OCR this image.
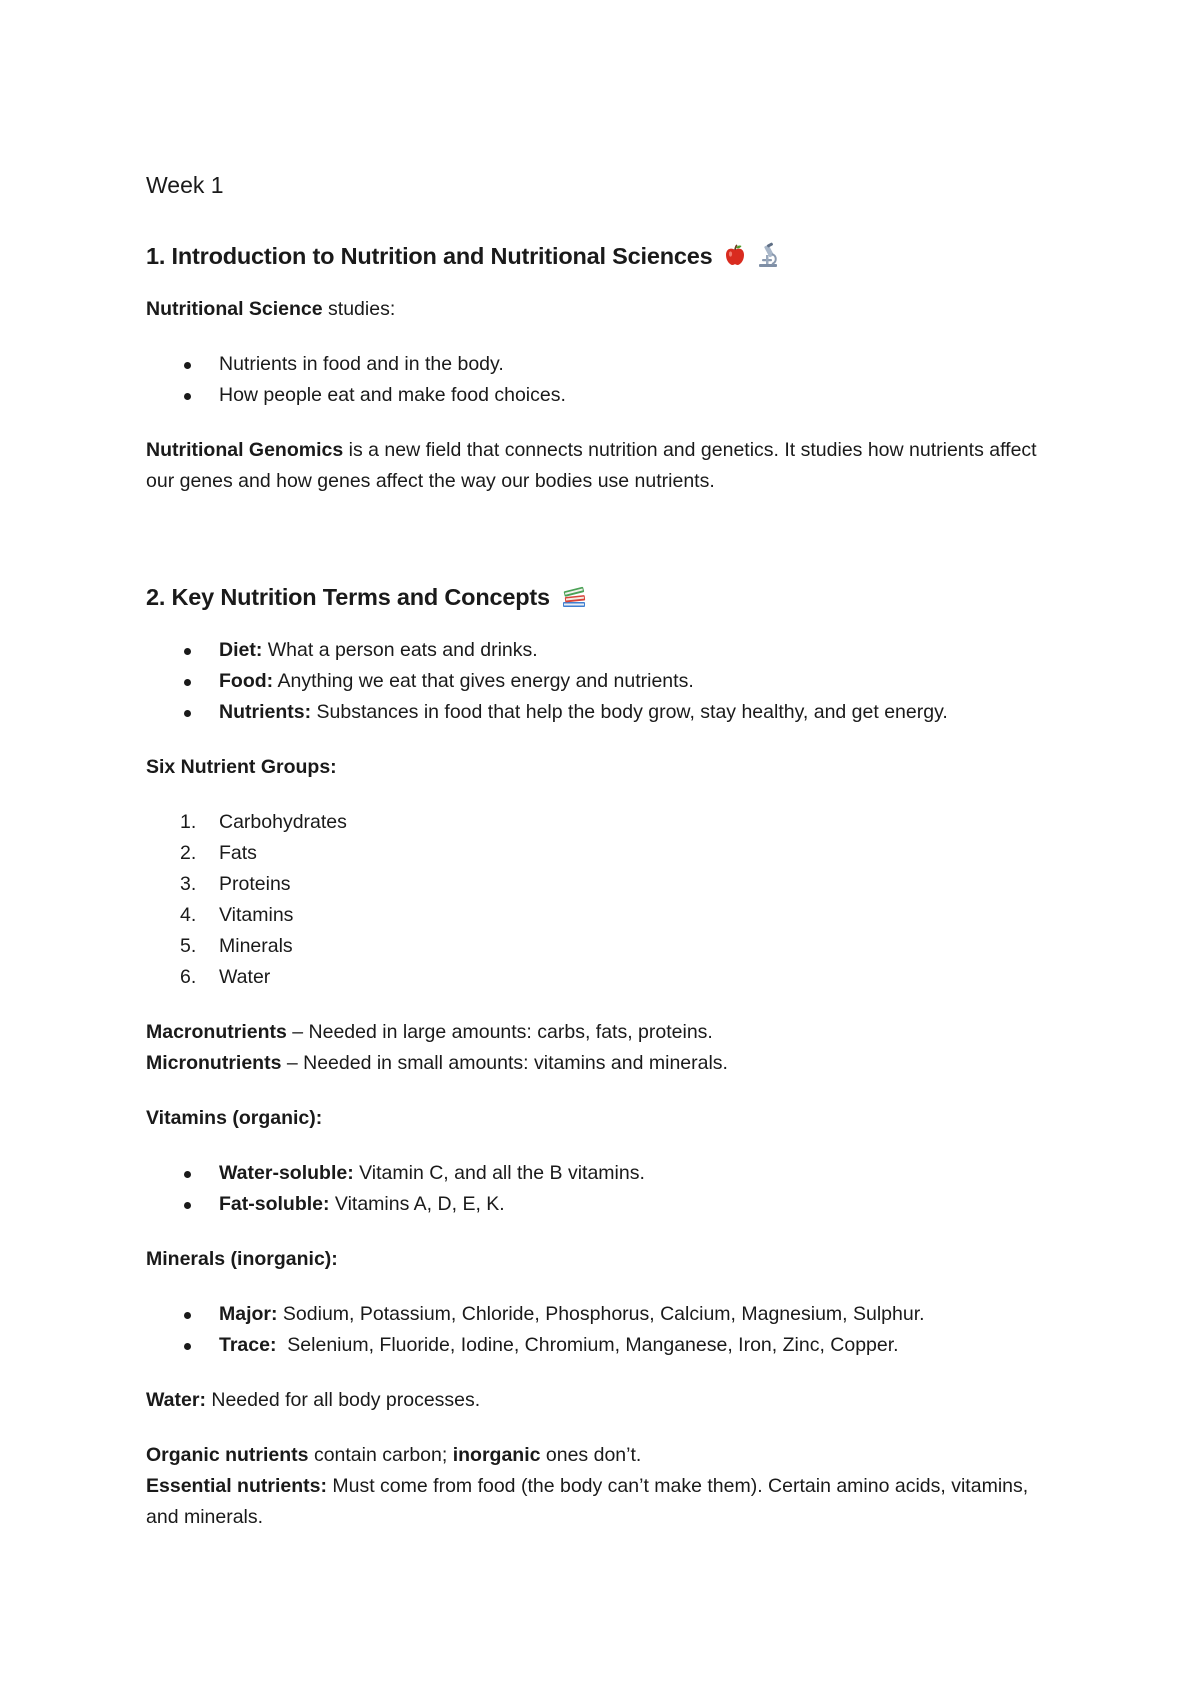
Week 1
1. Introduction to Nutrition and Nutritional Sciences

Nutritional Science studies:

Nutrients in food and in the body.
How people eat and make food choices.

Nutritional Genomics is a new field that connects nutrition and genetics. It studies how nutrients affect our genes and how genes affect the way our bodies use nutrients.

2. Key Nutrition Terms and Concepts
Diet: What a person eats and drinks.
Food: Anything we eat that gives energy and nutrients.
Nutrients: Substances in food that help the body grow, stay healthy, and get energy.

Six Nutrient Groups:

1. Carbohydrates
2. Fats
3. Proteins
4. Vitamins
5. Minerals
6. Water

Macronutrients – Needed in large amounts: carbs, fats, proteins.

Micronutrients – Needed in small amounts: vitamins and minerals.

Vitamins (organic):

Water-soluble: Vitamin C, and all the B vitamins.
Fat-soluble: Vitamins A, D, E, K.

Minerals (inorganic):

Major: Sodium, Potassium, Chloride, Phosphorus, Calcium, Magnesium, Sulphur.
Trace:  Selenium, Fluoride, Iodine, Chromium, Manganese, Iron, Zinc, Copper.

Water: Needed for all body processes.

Organic nutrients contain carbon; inorganic ones don’t.

Essential nutrients: Must come from food (the body can’t make them). Certain amino acids, vitamins, and minerals.
